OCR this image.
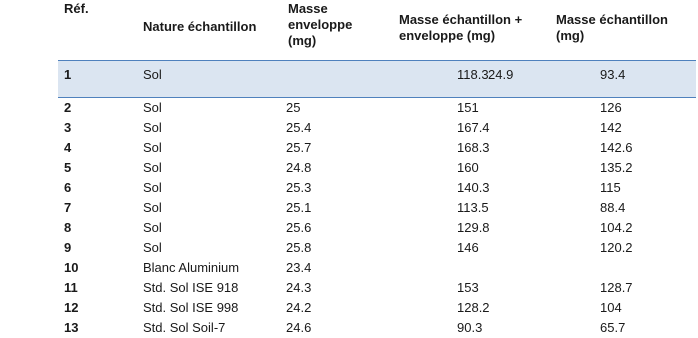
Réf.	Nature échantillon	Masse enveloppe (mg)	Masse échantillon + enveloppe (mg)	Masse échantillon (mg)

1	Sol	24.9	118.3	93.4
2	Sol	25	151	126
3	Sol	25.4	167.4	142
4	Sol	25.7	168.3	142.6
5	Sol	24.8	160	135.2
6	Sol	25.3	140.3	115
7	Sol	25.1	113.5	88.4
8	Sol	25.6	129.8	104.2
9	Sol	25.8	146	120.2
10	Blanc Aluminium	23.4		
11	Std. Sol ISE 918	24.3	153	128.7
12	Std. Sol ISE 998	24.2	128.2	104
13	Std. Sol Soil-7	24.6	90.3	65.7
